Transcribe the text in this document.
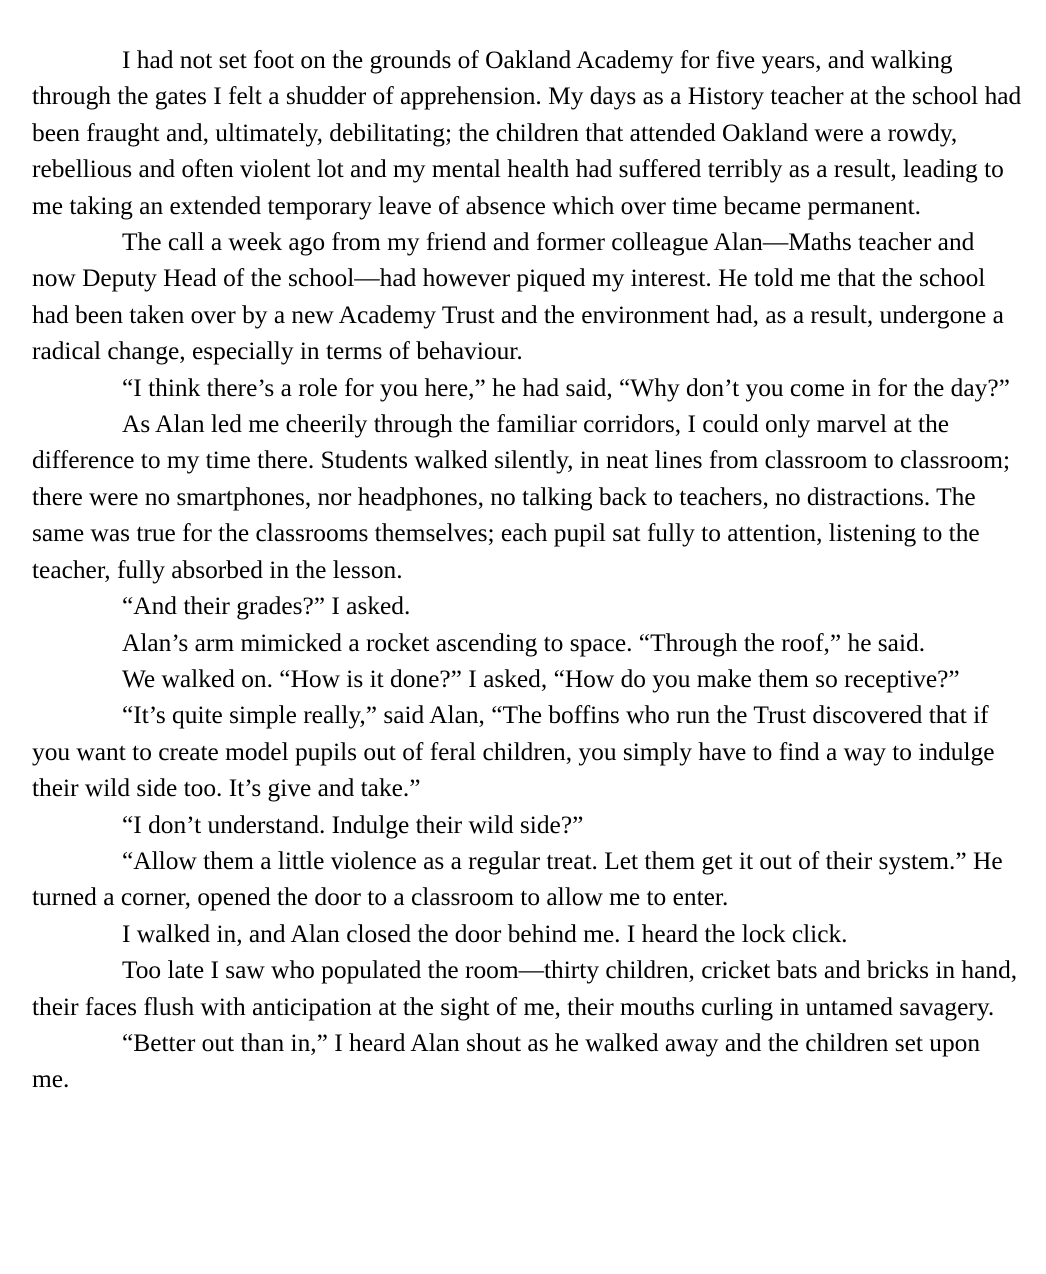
I had not set foot on the grounds of Oakland Academy for five years, and walking through the gates I felt a shudder of apprehension. My days as a History teacher at the school had been fraught and, ultimately, debilitating; the children that attended Oakland were a rowdy, rebellious and often violent lot and my mental health had suffered terribly as a result, leading to me taking an extended temporary leave of absence which over time became permanent.

The call a week ago from my friend and former colleague Alan—Maths teacher and now Deputy Head of the school—had however piqued my interest. He told me that the school had been taken over by a new Academy Trust and the environment had, as a result, undergone a radical change, especially in terms of behaviour.

“I think there’s a role for you here,” he had said, “Why don’t you come in for the day?”

As Alan led me cheerily through the familiar corridors, I could only marvel at the difference to my time there. Students walked silently, in neat lines from classroom to classroom; there were no smartphones, nor headphones, no talking back to teachers, no distractions. The same was true for the classrooms themselves; each pupil sat fully to attention, listening to the teacher, fully absorbed in the lesson.

“And their grades?” I asked.

Alan’s arm mimicked a rocket ascending to space. “Through the roof,” he said.

We walked on. “How is it done?” I asked, “How do you make them so receptive?”

“It’s quite simple really,” said Alan, “The boffins who run the Trust discovered that if you want to create model pupils out of feral children, you simply have to find a way to indulge their wild side too. It’s give and take.”

“I don’t understand. Indulge their wild side?”

“Allow them a little violence as a regular treat. Let them get it out of their system.” He turned a corner, opened the door to a classroom to allow me to enter.

I walked in, and Alan closed the door behind me. I heard the lock click.

Too late I saw who populated the room—thirty children, cricket bats and bricks in hand, their faces flush with anticipation at the sight of me, their mouths curling in untamed savagery.

“Better out than in,” I heard Alan shout as he walked away and the children set upon me.
